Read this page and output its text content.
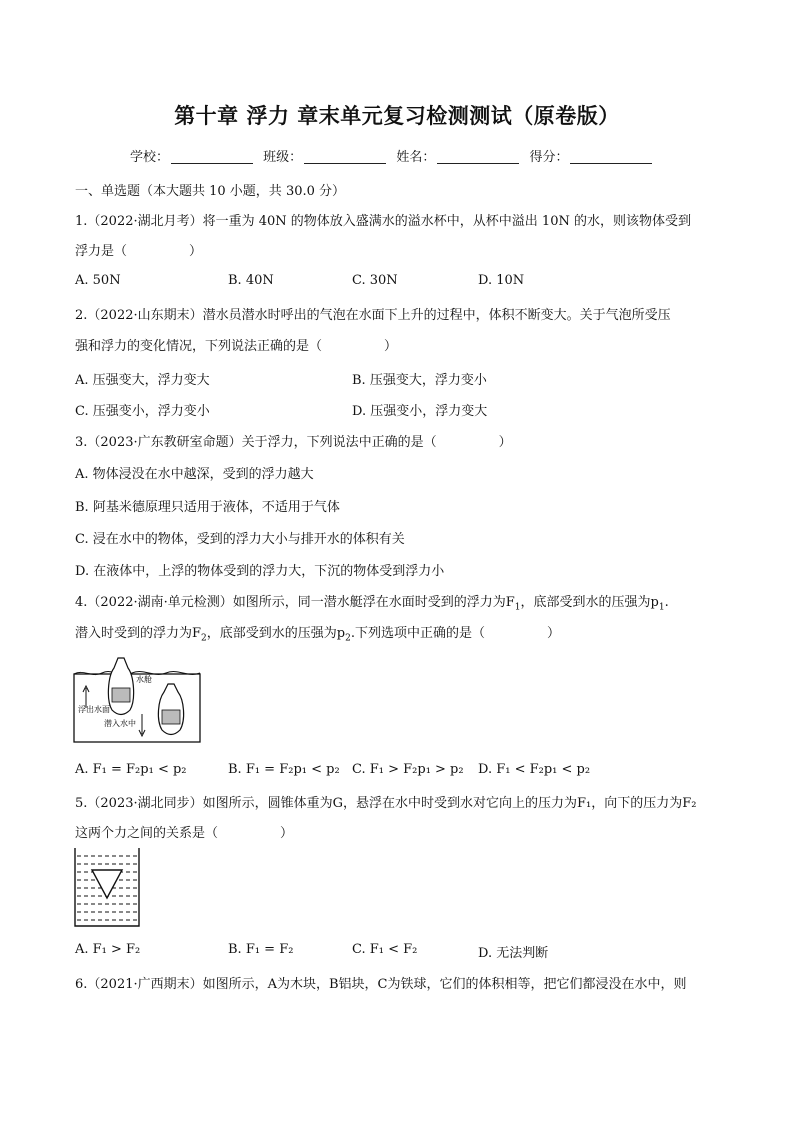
第十章 浮力 章末单元复习检测测试（原卷版）
学校：	班级：	姓名：	得分：
一、单选题（本大题共 10 小题，共 30.0 分）
1.（2022·湖北月考）将一重为 40N 的物体放入盛满水的溢水杯中，从杯中溢出 10N 的水，则该物体受到
浮力是（	）
A. 50N	B. 40N	C. 30N	D. 10N
2.（2022·山东期末）潜水员潜水时呼出的气泡在水面下上升的过程中，体积不断变大。关于气泡所受压
强和浮力的变化情况，下列说法正确的是（	）
A. 压强变大，浮力变大	B. 压强变大，浮力变小
C. 压强变小，浮力变小	D. 压强变小，浮力变大
3.（2023·广东教研室命题）关于浮力，下列说法中正确的是（	）
A. 物体浸没在水中越深，受到的浮力越大
B. 阿基米德原理只适用于液体，不适用于气体
C. 浸在水中的物体，受到的浮力大小与排开水的体积有关
D. 在液体中，上浮的物体受到的浮力大，下沉的物体受到浮力小
4.（2022·湖南·单元检测）如图所示，同一潜水艇浮在水面时受到的浮力为$F_1$，底部受到水的压强为$p_1$.
潜入时受到的浮力为$F_2$，底部受到水的压强为$p_2$.下列选项中正确的是（	）
水舱
浮出水面
潜入水中
A. F₁ = F₂p₁ < p₂	B. F₁ = F₂p₁ < p₂ C. F₁ > F₂p₁ > p₂ D. F₁ < F₂p₁ < p₂
5.（2023·湖北同步）如图所示，圆锥体重为G，悬浮在水中时受到水对它向上的压力为F₁，向下的压力为F₂
这两个力之间的关系是（	）
A. F₁ > F₂	B. F₁ = F₂	C. F₁ < F₂	D. 无法判断
6.（2021·广西期末）如图所示，A为木块，B铝块，C为铁球，它们的体积相等，把它们都浸没在水中，则
